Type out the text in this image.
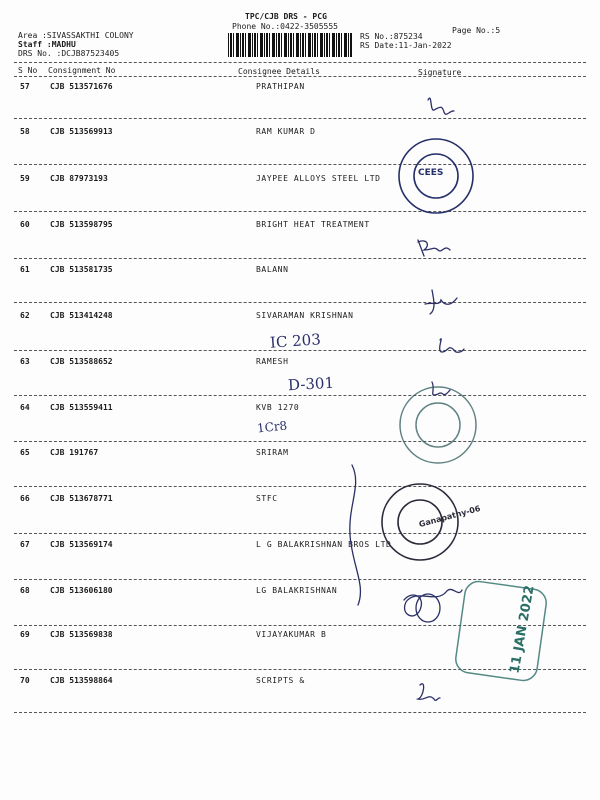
TPC/CJB DRS - PCG
Phone No.:0422-3505555
Area :SIVASSAKTHI COLONY
Staff :MADHU
DRS No. :DCJB87523405
RS No.:875234
RS Date:11-Jan-2022
Page No.:5
S No Consignment No	Consignee Details	Signature
57	CJB 513571676	PRATHIPAN
58	CJB 513569913	RAM KUMAR D
59	CJB 87973193	JAYPEE ALLOYS STEEL LTD
60	CJB 513598795	BRIGHT HEAT TREATMENT
61	CJB 513581735	BALANN
62	CJB 513414248	SIVARAMAN KRISHNAN
63	CJB 513588652	RAMESH
64	CJB 513559411	KVB 1270
65	CJB 191767	SRIRAM
66	CJB 513678771	STFC
67	CJB 513569174	L G BALAKRISHNAN BROS LTD
68	CJB 513606180	LG BALAKRISHNAN
69	CJB 513569838	VIJAYAKUMAR B
70	CJB 513598864	SCRIPTS &
IC 203
D-301
1Cr8
CEES
Ganapathy-06
11 JAN 2022
